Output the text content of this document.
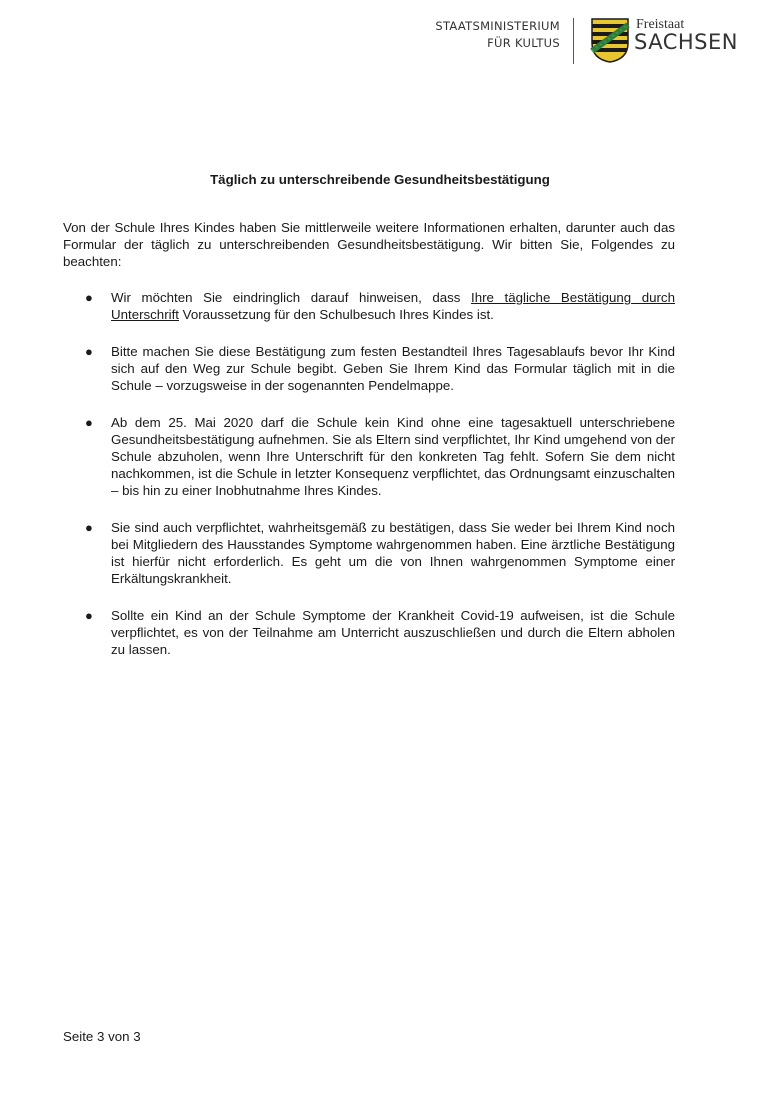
STAATSMINISTERIUM
FÜR KULTUS
Freistaat
SACHSEN
Täglich zu unterschreibende Gesundheitsbestätigung

Von der Schule Ihres Kindes haben Sie mittlerweile weitere Informationen erhalten, darunter auch das Formular der täglich zu unterschreibenden Gesundheitsbestätigung. Wir bitten Sie, Folgendes zu beachten:

● Wir möchten Sie eindringlich darauf hinweisen, dass Ihre tägliche Bestätigung durch Unterschrift Voraussetzung für den Schulbesuch Ihres Kindes ist.
● Bitte machen Sie diese Bestätigung zum festen Bestandteil Ihres Tagesablaufs bevor Ihr Kind sich auf den Weg zur Schule begibt. Geben Sie Ihrem Kind das Formular täglich mit in die Schule – vorzugsweise in der sogenannten Pendelmappe.
● Ab dem 25. Mai 2020 darf die Schule kein Kind ohne eine tagesaktuell unterschriebene Gesundheitsbestätigung aufnehmen. Sie als Eltern sind verpflichtet, Ihr Kind umgehend von der Schule abzuholen, wenn Ihre Unterschrift für den konkreten Tag fehlt. Sofern Sie dem nicht nachkommen, ist die Schule in letzter Konsequenz verpflichtet, das Ordnungsamt einzuschalten – bis hin zu einer Inobhutnahme Ihres Kindes.
● Sie sind auch verpflichtet, wahrheitsgemäß zu bestätigen, dass Sie weder bei Ihrem Kind noch bei Mitgliedern des Hausstandes Symptome wahrgenommen haben. Eine ärztliche Bestätigung ist hierfür nicht erforderlich. Es geht um die von Ihnen wahrgenommen Symptome einer Erkältungskrankheit.
● Sollte ein Kind an der Schule Symptome der Krankheit Covid-19 aufweisen, ist die Schule verpflichtet, es von der Teilnahme am Unterricht auszuschließen und durch die Eltern abholen zu lassen.
Seite 3 von 3
